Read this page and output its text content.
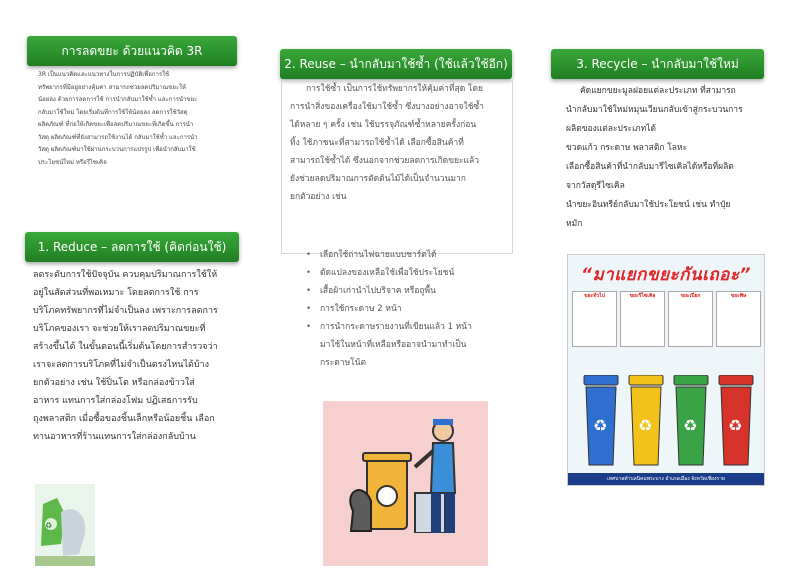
การลดขยะ ด้วยแนวคิด 3R
3R เป็นแนวคิดและแนวทางในการปฏิบัติเพื่อการใช้
ทรัพยากรที่มีอยู่อย่างคุ้มค่า สามารถช่วยลดปริมาณขยะให้
น้อยลง ด้วยการลดการใช้ การนำกลับมาใช้ซ้ำ และการนำขยะ
กลับมาใช้ใหม่ โดยเริ่มต้นที่การใช้ให้น้อยลง ลดการใช้วัสดุ
ผลิตภัณฑ์ ที่ก่อให้เกิดขยะเพื่อลดปริมาณขยะที่เกิดขึ้น การนำ
วัสดุ ผลิตภัณฑ์ที่ยังสามารถใช้งานได้ กลับมาใช้ซ้ำ และการนำ
วัสดุ ผลิตภัณฑ์มาใช้ผ่านกระบวนการแปรรูป เพื่อนำกลับมาใช้
ประโยชน์ใหม่ หรือรีไซเคิล
1. Reduce – ลดการใช้ (คิดก่อนใช้)
ลดระดับการใช้ปัจจุบัน ควบคุมปริมาณการใช้ให้
อยู่ในสัดส่วนที่พอเหมาะ โดยลดการใช้ การ
บริโภคทรัพยากรที่ไม่จำเป็นลง เพราะการลดการ
บริโภคของเรา จะช่วยให้เราลดปริมาณขยะที่
สร้างขึ้นได้ ในขั้นตอนนี้เริ่มต้นโดยการสำรวจว่า
เราจะลดการบริโภคที่ไม่จำเป็นตรงไหนได้บ้าง
ยกตัวอย่าง เช่น ใช้ปิ่นโต หรือกล่องข้าวใส่
อาหาร แทนการใส่กล่องโฟม ปฏิเสธการรับ
ถุงพลาสติก เมื่อซื้อของชิ้นเล็กหรือน้อยชิ้น เลือก
ทานอาหารที่ร้านแทนการใส่กล่องกลับบ้าน
♻
2. Reuse – นำกลับมาใช้ซ้ำ (ใช้แล้วใช้อีก)
การใช้ซ้ำ เป็นการใช้ทรัพยากรให้คุ้มค่าที่สุด โดย
การนำสิ่งของเครื่องใช้มาใช้ซ้ำ ซึ่งบางอย่างอาจใช้ซ้ำ
ได้หลาย ๆ ครั้ง เช่น ใช้บรรจุภัณฑ์ซ้ำหลายครั้งก่อน
ทิ้ง ใช้ภาชนะที่สามารถใช้ซ้ำได้ เลือกซื้อสินค้าที่
สามารถใช้ซ้ำได้ ซึ่งนอกจากช่วยลดการเกิดขยะแล้ว
ยังช่วยลดปริมาณการตัดต้นไม้ได้เป็นจำนวนมาก
ยกตัวอย่าง เช่น
• เลือกใช้ถ่านไฟฉายแบบชาร์ตได้
• ดัดแปลงของเหลือใช้เพื่อใช้ประโยชน์
• เสื้อผ้าเก่านำไปบริจาค หรือถูพื้น
• การใช้กระดาษ 2 หน้า
• การนำกระดาษรายงานที่เขียนแล้ว 1 หน้า
มาใช้ในหน้าที่เหลือหรืออาจนำมาทำเป็น
กระดาษโน้ต
3. Recycle – นำกลับมาใช้ใหม่
คัดแยกขยะมูลฝอยแต่ละประเภท ที่สามารถ
นำกลับมาใช้ใหม่หมุนเวียนกลับเข้าสู่กระบวนการ
ผลิตของแต่ละประเภทได้
ขวดแก้ว กระดาษ พลาสติก โลหะ
เลือกซื้อสินค้าที่นำกลับมารีไซเคิลได้หรือที่ผลิต
จากวัสดุรีไซเคิล
นำขยะอินทรีย์กลับมาใช้ประโยชน์ เช่น ทำปุ๋ย
หมัก
“มาแยกขยะกันเถอะ”
ขยะทั่วไป	ขยะรีไซเคิล	ขยะเปียก	ขยะพิษ
♻ ♻ ♻ ♻
เทศบาลตำบลนิคมพระบาง อำเภอเมือง จังหวัดเชียงราย
